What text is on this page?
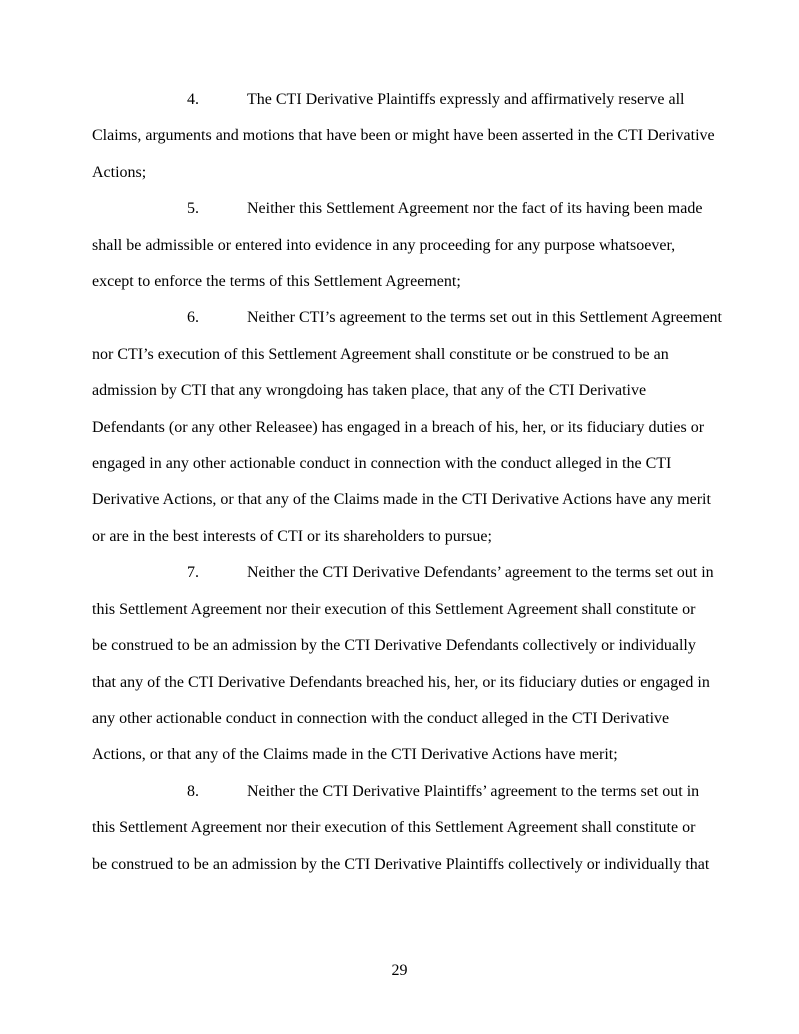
4.	The CTI Derivative Plaintiffs expressly and affirmatively reserve all
Claims, arguments and motions that have been or might have been asserted in the CTI Derivative
Actions;
5.	Neither this Settlement Agreement nor the fact of its having been made
shall be admissible or entered into evidence in any proceeding for any purpose whatsoever,
except to enforce the terms of this Settlement Agreement;
6.	Neither CTI’s agreement to the terms set out in this Settlement Agreement
nor CTI’s execution of this Settlement Agreement shall constitute or be construed to be an
admission by CTI that any wrongdoing has taken place, that any of the CTI Derivative
Defendants (or any other Releasee) has engaged in a breach of his, her, or its fiduciary duties or
engaged in any other actionable conduct in connection with the conduct alleged in the CTI
Derivative Actions, or that any of the Claims made in the CTI Derivative Actions have any merit
or are in the best interests of CTI or its shareholders to pursue;
7.	Neither the CTI Derivative Defendants’ agreement to the terms set out in
this Settlement Agreement nor their execution of this Settlement Agreement shall constitute or
be construed to be an admission by the CTI Derivative Defendants collectively or individually
that any of the CTI Derivative Defendants breached his, her, or its fiduciary duties or engaged in
any other actionable conduct in connection with the conduct alleged in the CTI Derivative
Actions, or that any of the Claims made in the CTI Derivative Actions have merit;
8.	Neither the CTI Derivative Plaintiffs’ agreement to the terms set out in
this Settlement Agreement nor their execution of this Settlement Agreement shall constitute or
be construed to be an admission by the CTI Derivative Plaintiffs collectively or individually that
29
